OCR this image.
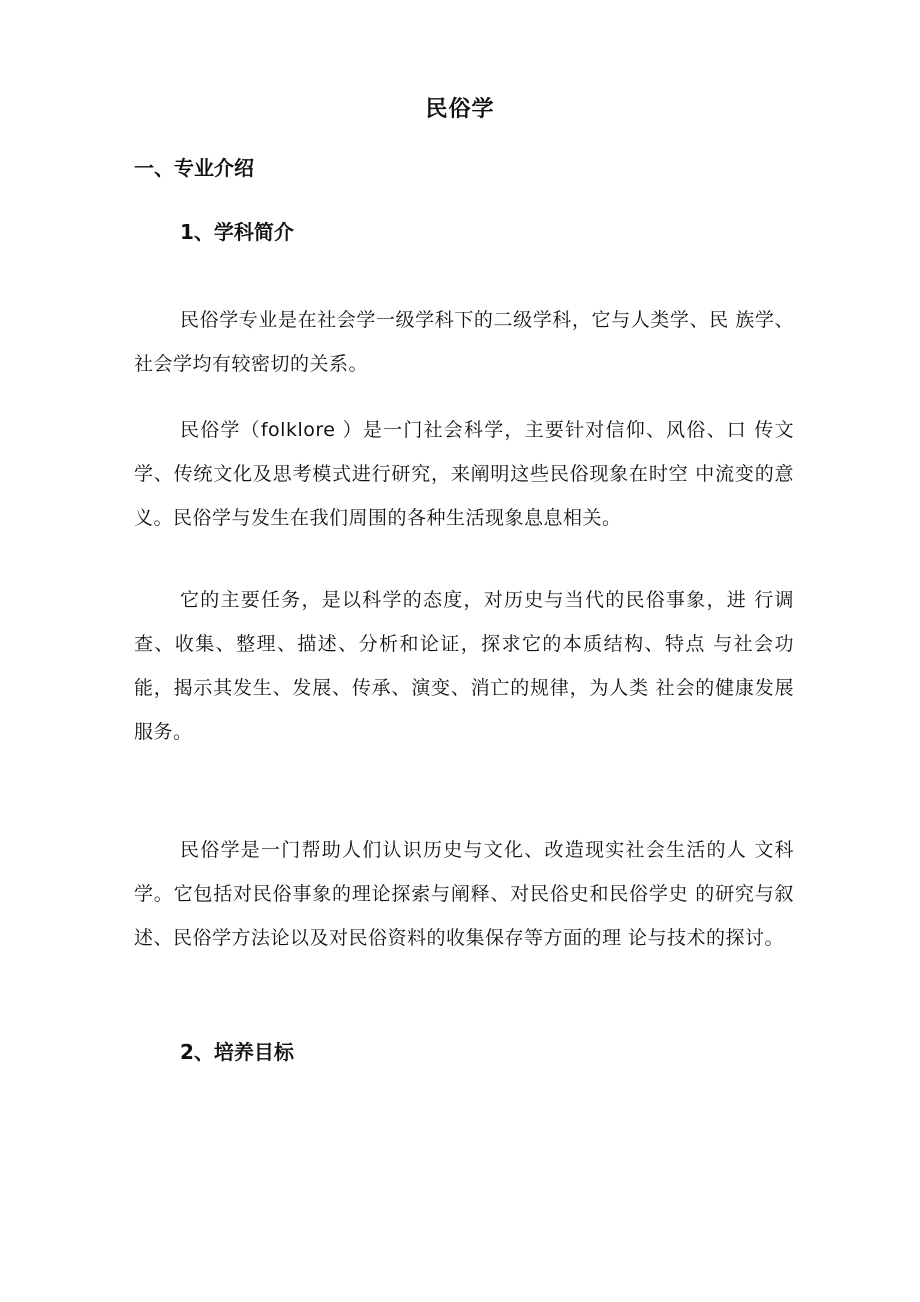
民俗学
一、专业介绍
1、学科简介

民俗学专业是在社会学一级学科下的二级学科，它与人类学、民 族学、社会学均有较密切的关系。

民俗学（folklore ）是一门社会科学，主要针对信仰、风俗、口 传文学、传统文化及思考模式进行研究，来阐明这些民俗现象在时空 中流变的意义。民俗学与发生在我们周围的各种生活现象息息相关。

它的主要任务，是以科学的态度，对历史与当代的民俗事象，进 行调查、收集、整理、描述、分析和论证，探求它的本质结构、特点 与社会功能，揭示其发生、发展、传承、演变、消亡的规律，为人类 社会的健康发展服务。

民俗学是一门帮助人们认识历史与文化、改造现实社会生活的人 文科学。它包括对民俗事象的理论探索与阐释、对民俗史和民俗学史 的研究与叙述、民俗学方法论以及对民俗资料的收集保存等方面的理 论与技术的探讨。

2、培养目标
